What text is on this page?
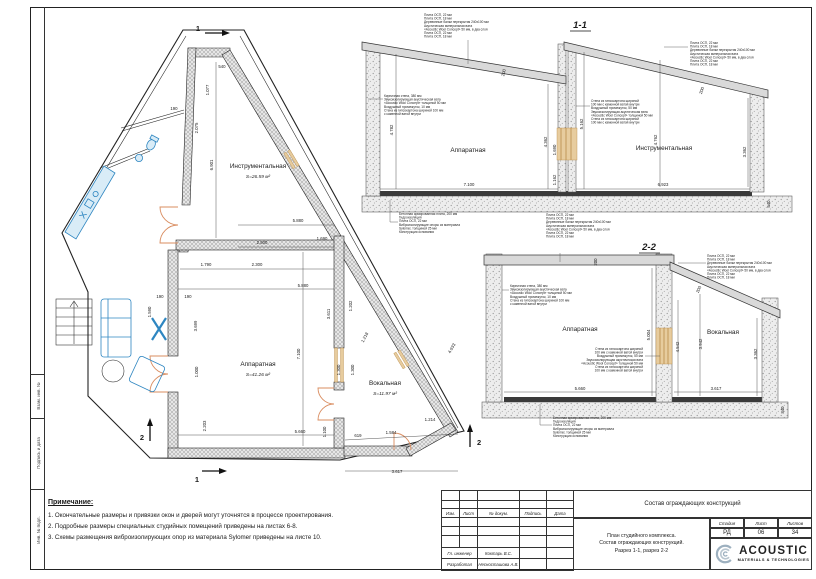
1
1
2
2
Инструментальная
S=26.59 м²
Аппаратная
S=41.26 м²
Вокальная
S=11.97 м²
540
1.077
190
2.075
6.901
5.880
2.500
1.690
2.300
1.790
5.880
190	190
1.590
3.699
3.611
7.100
1.000
1.202
1.218
1.300 1.300
2.203
1.100
5.660
619
1.584
1.214
4.933
3.617
1-1
Аппаратная	Инструментальная
200
200
4.782
4.362
1.690
1.162
5.162
4.762
3.362
7.100	6.923
540
Плита ОСП, 22 мм
Плита ОСП, 18 мм
Деревянные балки перекрытия 240х100 мм
Акустическая минеральная вата
«Acoustic Wool Concept» 50 мм, в два слоя
Плита ОСП, 22 мм
Плита ОСП, 18 мм
Кирпичная стена, 380 мм
Звукоизолирующая акустическая вата
«Acoustic Wool Concept» толщиной 50 мм
Воздушный промежуток, 10 мм
Стена из гипсокартона шириной 100 мм
с каменной ватой внутри
Бетонная армированная плита, 200 мм
Гидроизоляция
Плита ОСП, 22 мм
Виброизолирующие опоры из материала
Sylomer, толщиной 25 мм
Конструкция основания
Плита ОСП, 22 мм
Плита ОСП, 18 мм
Деревянные балки перекрытия 240х100 мм
Акустическая минеральная вата
«Acoustic Wool Concept» 50 мм, в два слоя
Плита ОСП, 22 мм
Плита ОСП, 18 мм
Стена из гипсокартона шириной
100 мм с каменной ватой внутри
Воздушный промежуток, 50 мм
Звукоизолирующая акустическая вата
«Acoustic Wool Concept» толщиной 50 мм
Стена из гипсокартона шириной
100 мм с каменной ватой внутри
2-2
Аппаратная	Вокальная
200
200
5.004
4.542	3.942
3.362
5.660	3.617
340
Плита ОСП, 22 мм
Плита ОСП, 18 мм
Деревянные балки перекрытия 240х100 мм
Акустическая минеральная вата
«Acoustic Wool Concept» 50 мм, в два слоя
Плита ОСП, 22 мм
Плита ОСП, 18 мм
Кирпичная стена, 380 мм
Звукоизолирующая акустическая вата
«Acoustic Wool Concept» толщиной 50 мм
Воздушный промежуток, 10 мм
Стена из гипсокартона шириной 100 мм
с каменной ватой внутри
Стена из гипсокартона шириной
100 мм с каменной ватой внутри
Воздушный промежуток, 50 мм
Звукоизолирующая акустическая вата
«Acoustic Wool Concept» толщиной 50 мм
Стена из гипсокартона шириной
100 мм с каменной ватой внутри
Плита ОСП, 22 мм
Плита ОСП, 18 мм
Деревянные балки перекрытия 240х100 мм
Акустическая минеральная вата
«Acoustic Wool Concept» 50 мм, в два слоя
Плита ОСП, 22 мм
Плита ОСП, 18 мм
Бетонная армированная плита, 200 мм
Гидроизоляция
Плита ОСП, 22 мм
Виброизолирующие опоры из материала
Sylomer, толщиной 25 мм
Конструкция основания
Взам. инв. №
Подпись и дата
Инв. № подл.
Примечание:

1. Окончательные размеры и привязки окон и дверей могут уточнятся в процессе проектирования.

2. Подробные размеры специальных студийных помещений приведены на листах 6-8.

3. Схемы размещения виброизолирующих опор из материала Sylomer приведены на листе 10.

Изм.	Лист	№ докум.	Подпись	Дата

Гл. инженер		Коктарь В.С.		
Разработал		Несносташова А.В.		
Состав ограждающих конструкций
План студийного комплекса.
Состав ограждающих конструкций.
Разрез 1-1, разрез 2-2
Стадия	Лист	Листов
РД	06	34
ACOUSTIC
MATERIALS & TECHNOLOGIES
